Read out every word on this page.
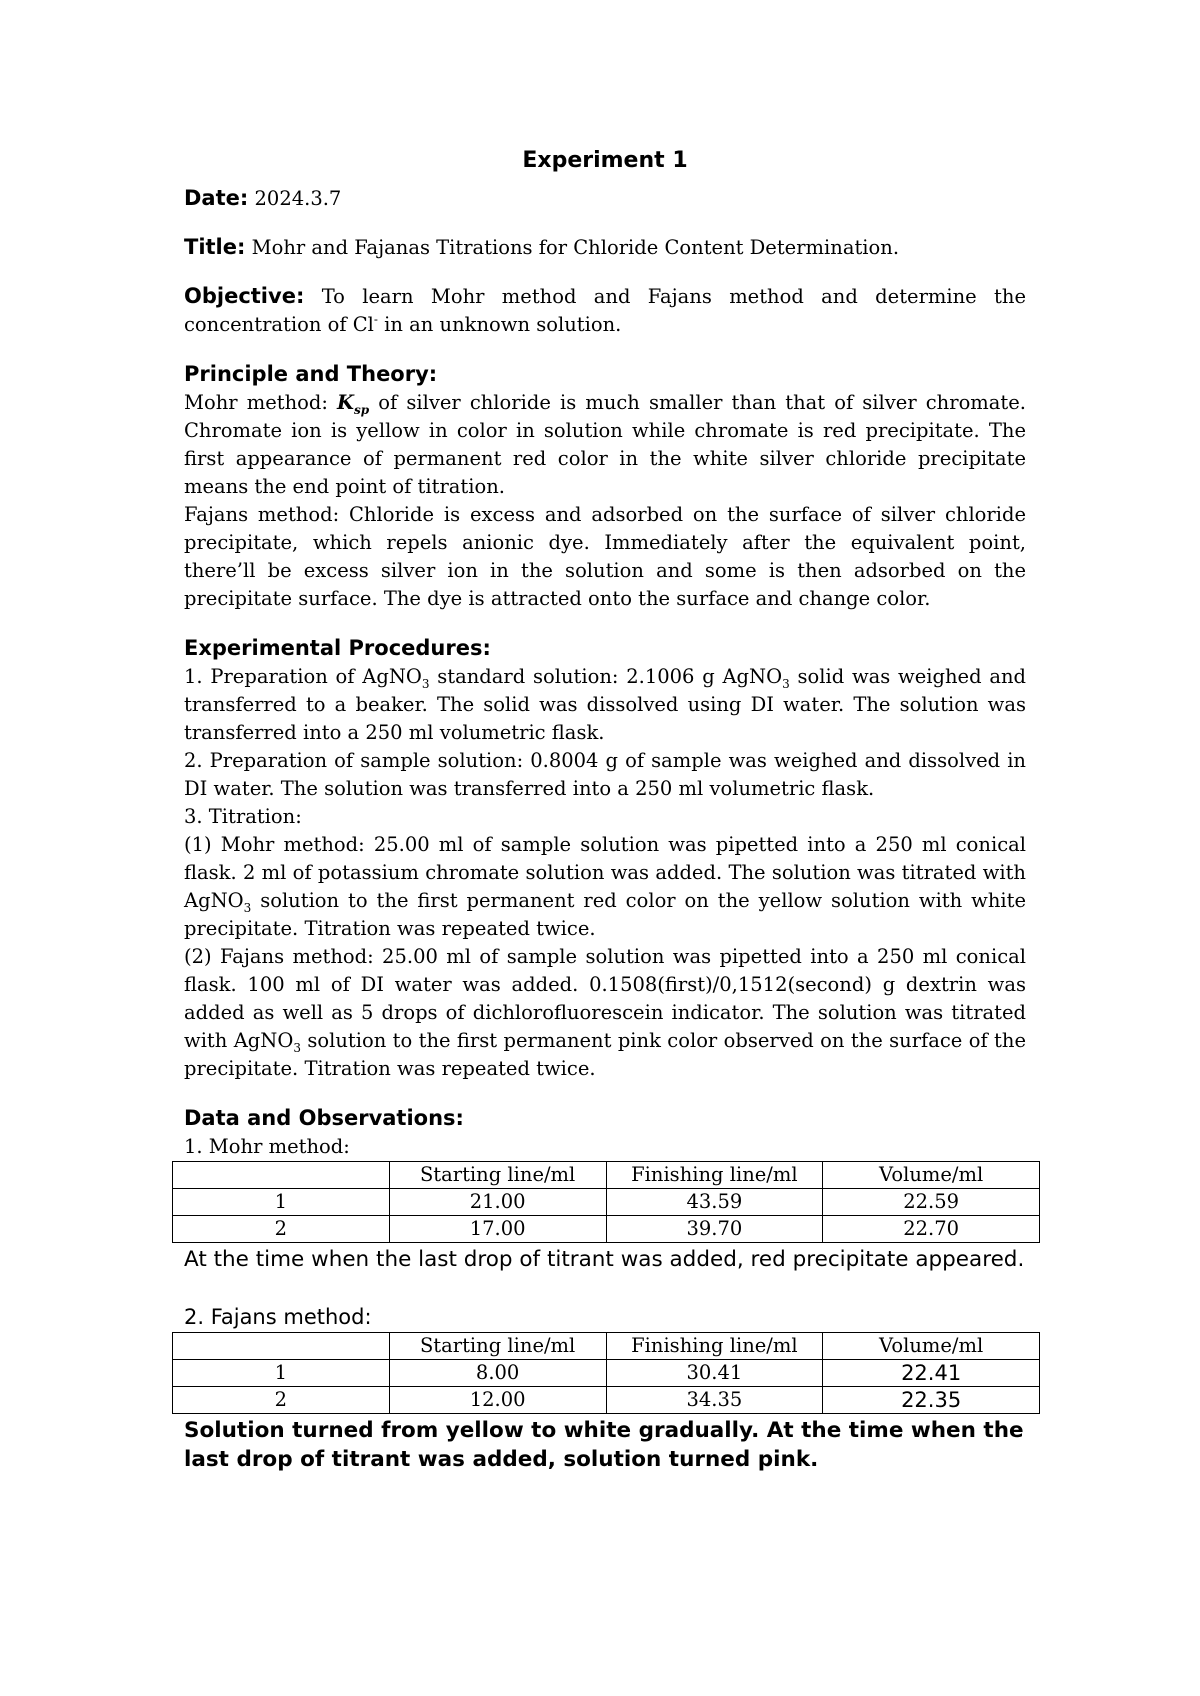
Experiment 1

Date: 2024.3.7

Title: Mohr and Fajanas Titrations for Chloride Content Determination.

Objective: To learn Mohr method and Fajans method and determine the concentration of Cl- in an unknown solution.

Principle and Theory:

Mohr method: $K_{sp}$ of silver chloride is much smaller than that of silver chromate. Chromate ion is yellow in color in solution while chromate is red precipitate. The first appearance of permanent red color in the white silver chloride precipitate means the end point of titration.

Fajans method: Chloride is excess and adsorbed on the surface of silver chloride precipitate, which repels anionic dye. Immediately after the equivalent point, there’ll be excess silver ion in the solution and some is then adsorbed on the precipitate surface. The dye is attracted onto the surface and change color.

Experimental Procedures:

1. Preparation of AgNO$_3$ standard solution: 2.1006 g AgNO$_3$ solid was weighed and transferred to a beaker. The solid was dissolved using DI water. The solution was transferred into a 250 ml volumetric flask.

2. Preparation of sample solution: 0.8004 g of sample was weighed and dissolved in DI water. The solution was transferred into a 250 ml volumetric flask.

3. Titration:

(1) Mohr method: 25.00 ml of sample solution was pipetted into a 250 ml conical flask. 2 ml of potassium chromate solution was added. The solution was titrated with AgNO$_3$ solution to the first permanent red color on the yellow solution with white precipitate. Titration was repeated twice.

(2) Fajans method: 25.00 ml of sample solution was pipetted into a 250 ml conical flask. 100 ml of DI water was added. 0.1508(first)/0,1512(second) g dextrin was added as well as 5 drops of dichlorofluorescein indicator. The solution was titrated with AgNO$_3$ solution to the first permanent pink color observed on the surface of the precipitate. Titration was repeated twice.

Data and Observations:

1. Mohr method:

	Starting line/ml	Finishing line/ml	Volume/ml
1	21.00	43.59	22.59
2	17.00	39.70	22.70

At the time when the last drop of titrant was added, red precipitate appeared.

2. Fajans method:

	Starting line/ml	Finishing line/ml	Volume/ml
1	8.00	30.41	22.41
2	12.00	34.35	22.35

Solution turned from yellow to white gradually. At the time when the last drop of titrant was added, solution turned pink.
